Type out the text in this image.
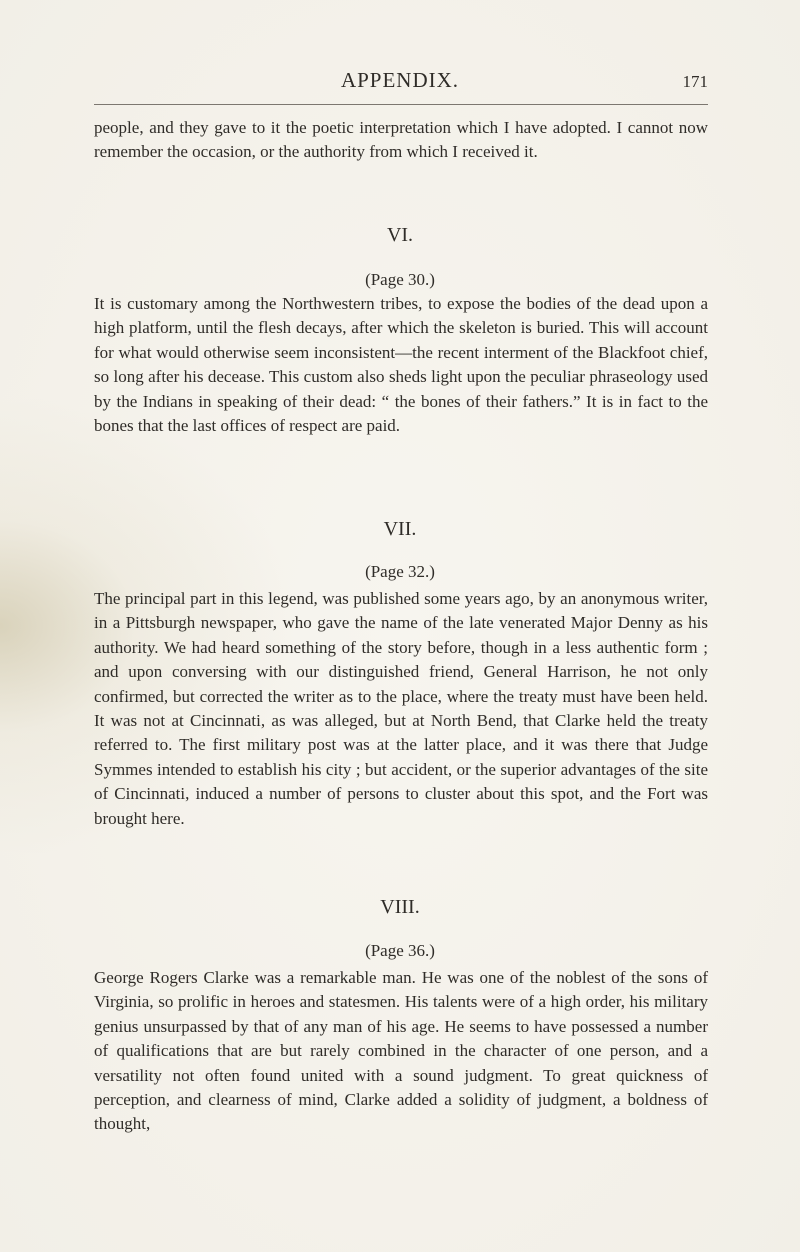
APPENDIX.	171
people, and they gave to it the poetic interpretation which I have adopted. I cannot now remember the occasion, or the authority from which I received it.
VI.
(Page 30.)
It is customary among the Northwestern tribes, to expose the bodies of the dead upon a high platform, until the flesh decays, after which the skeleton is buried. This will account for what would otherwise seem inconsistent—the recent interment of the Blackfoot chief, so long after his decease. This custom also sheds light upon the peculiar phraseology used by the Indians in speaking of their dead: “ the bones of their fathers.” It is in fact to the bones that the last offices of respect are paid.
VII.
(Page 32.)
The principal part in this legend, was published some years ago, by an anonymous writer, in a Pittsburgh newspaper, who gave the name of the late venerated Major Denny as his authority. We had heard something of the story before, though in a less authentic form ; and upon conversing with our distinguished friend, General Harrison, he not only confirmed, but corrected the writer as to the place, where the treaty must have been held. It was not at Cincinnati, as was alleged, but at North Bend, that Clarke held the treaty referred to. The first military post was at the latter place, and it was there that Judge Symmes intended to establish his city ; but accident, or the superior advantages of the site of Cincinnati, induced a number of persons to cluster about this spot, and the Fort was brought here.
VIII.
(Page 36.)
George Rogers Clarke was a remarkable man. He was one of the noblest of the sons of Virginia, so prolific in heroes and statesmen. His talents were of a high order, his military genius unsurpassed by that of any man of his age. He seems to have possessed a number of qualifications that are but rarely combined in the character of one person, and a versatility not often found united with a sound judgment. To great quickness of perception, and clearness of mind, Clarke added a solidity of judgment, a boldness of thought,
